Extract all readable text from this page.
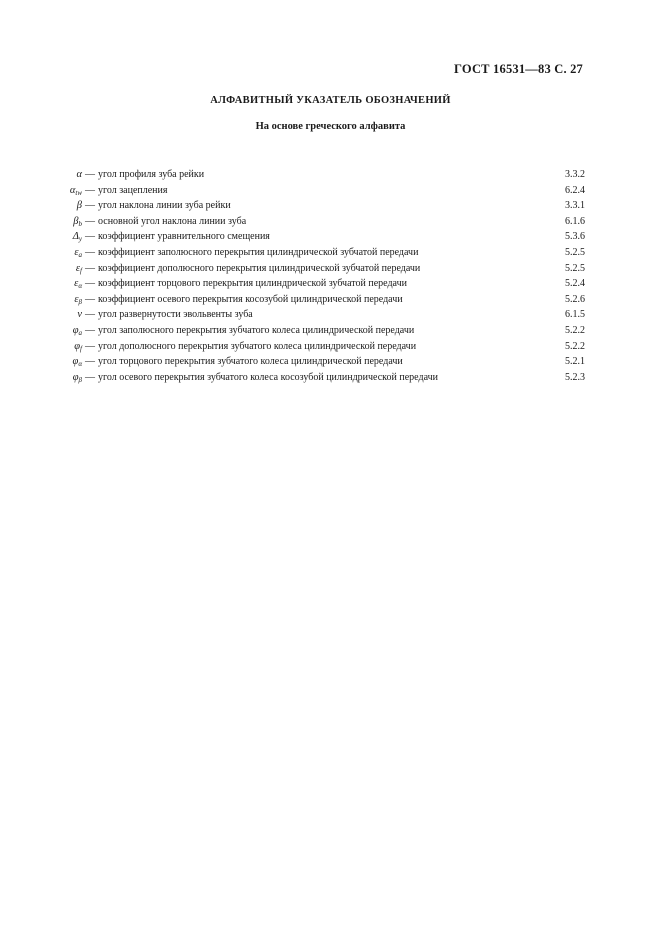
ГОСТ 16531—83 С. 27
АЛФАВИТНЫЙ УКАЗАТЕЛЬ ОБОЗНАЧЕНИЙ
На основе греческого алфавита
α — угол профиля зуба рейки	3.3.2
$\alpha_{tw}$ — угол зацепления	6.2.4
β — угол наклона линии зуба рейки	3.3.1
$\beta_b$ — основной угол наклона линии зуба	6.1.6
$\Delta_y$ — коэффициент уравнительного смещения	5.3.6
$\varepsilon_a$ — коэффициент заполюсного перекрытия цилиндрической зубчатой передачи	5.2.5
$\varepsilon_f$ — коэффициент дополюсного перекрытия цилиндрической зубчатой передачи	5.2.5
$\varepsilon_\alpha$ — коэффициент торцового перекрытия цилиндрической зубчатой передачи	5.2.4
$\varepsilon_\beta$ — коэффициент осевого перекрытия косозубой цилиндрической передачи	5.2.6
ν — угол развернутости эвольвенты зуба	6.1.5
$\varphi_a$ — угол заполюсного перекрытия зубчатого колеса цилиндрической передачи	5.2.2
$\varphi_f$ — угол дополюсного перекрытия зубчатого колеса цилиндрической передачи	5.2.2
$\varphi_\alpha$ — угол торцового перекрытия зубчатого колеса цилиндрической передачи	5.2.1
$\varphi_\beta$ — угол осевого перекрытия зубчатого колеса косозубой цилиндрической передачи	5.2.3
